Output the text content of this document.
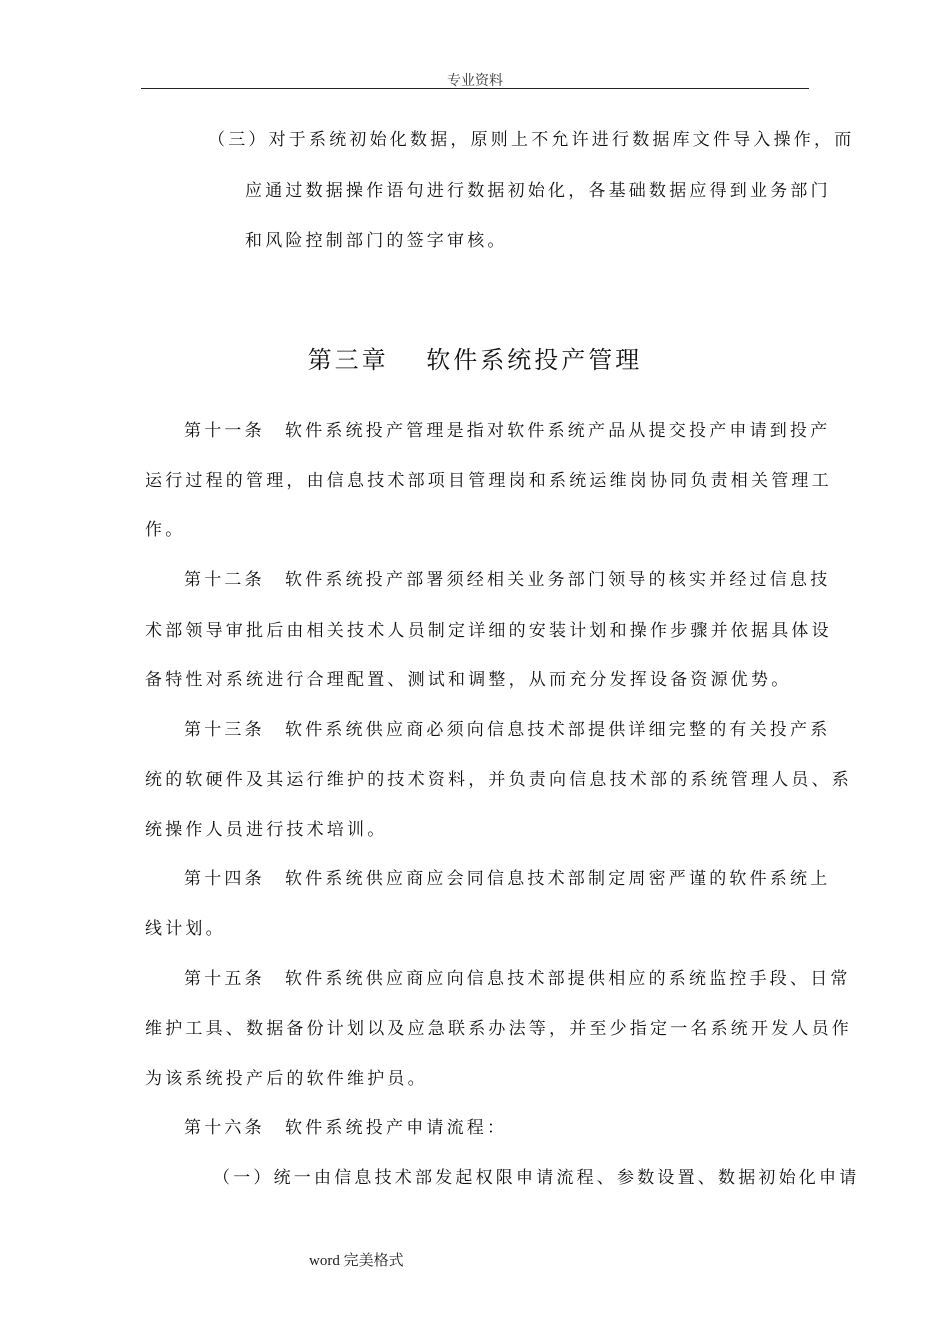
专业资料
（三）对于系统初始化数据，原则上不允许进行数据库文件导入操作，而
应通过数据操作语句进行数据初始化，各基础数据应得到业务部门
和风险控制部门的签字审核。
第三章　 软件系统投产管理
第十一条　软件系统投产管理是指对软件系统产品从提交投产申请到投产
运行过程的管理，由信息技术部项目管理岗和系统运维岗协同负责相关管理工
作。
第十二条　软件系统投产部署须经相关业务部门领导的核实并经过信息技
术部领导审批后由相关技术人员制定详细的安装计划和操作步骤并依据具体设
备特性对系统进行合理配置、测试和调整，从而充分发挥设备资源优势。
第十三条　软件系统供应商必须向信息技术部提供详细完整的有关投产系
统的软硬件及其运行维护的技术资料，并负责向信息技术部的系统管理人员、系
统操作人员进行技术培训。
第十四条　软件系统供应商应会同信息技术部制定周密严谨的软件系统上
线计划。
第十五条　软件系统供应商应向信息技术部提供相应的系统监控手段、日常
维护工具、数据备份计划以及应急联系办法等，并至少指定一名系统开发人员作
为该系统投产后的软件维护员。
第十六条　软件系统投产申请流程：
（一）统一由信息技术部发起权限申请流程、参数设置、数据初始化申请
word 完美格式
